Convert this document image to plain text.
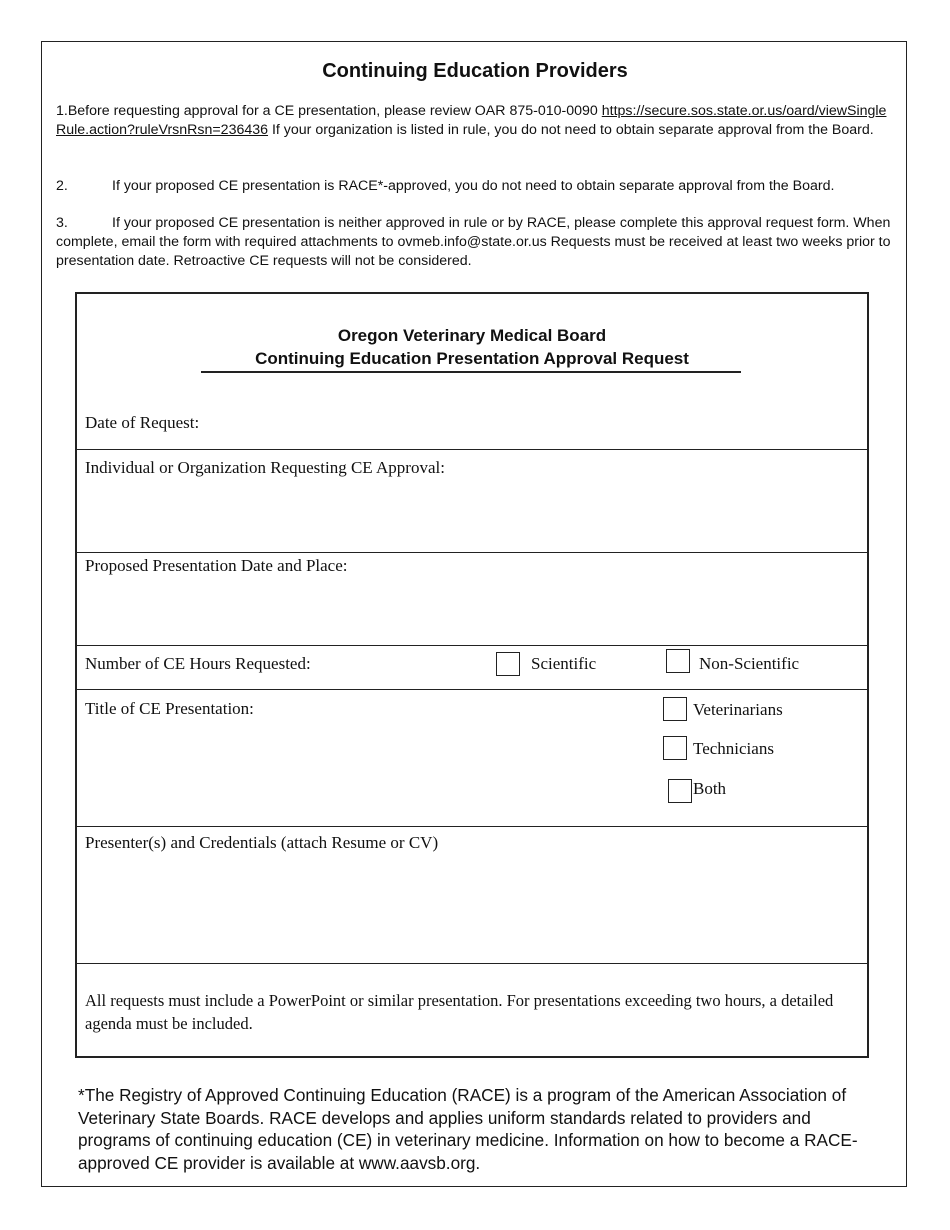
Continuing Education Providers
1.Before requesting approval for a CE presentation, please review OAR 875-010-0090 https://secure.sos.state.or.us/oard/viewSingleRule.action?ruleVrsnRsn=236436 If your organization is listed in rule, you do not need to obtain separate approval from the Board.
2.	If your proposed CE presentation is RACE*-approved, you do not need to obtain separate approval from the Board.
3.	If your proposed CE presentation is neither approved in rule or by RACE, please complete this approval request form. When complete, email the form with required attachments to ovmeb.info@state.or.us Requests must be received at least two weeks prior to presentation date. Retroactive CE requests will not be considered.
Oregon Veterinary Medical Board
Continuing Education Presentation Approval Request
Date of Request:
Individual or Organization Requesting CE Approval:
Proposed Presentation Date and Place:
Number of CE Hours Requested:	Scientific	Non-Scientific
Title of CE Presentation:	Veterinarians
Technicians
Both
Presenter(s) and Credentials (attach Resume or CV)
All requests must include a PowerPoint or similar presentation. For presentations exceeding two hours, a detailed agenda must be included.
*The Registry of Approved Continuing Education (RACE) is a program of the American Association of Veterinary State Boards. RACE develops and applies uniform standards related to providers and programs of continuing education (CE) in veterinary medicine. Information on how to become a RACE-approved CE provider is available at www.aavsb.org.
